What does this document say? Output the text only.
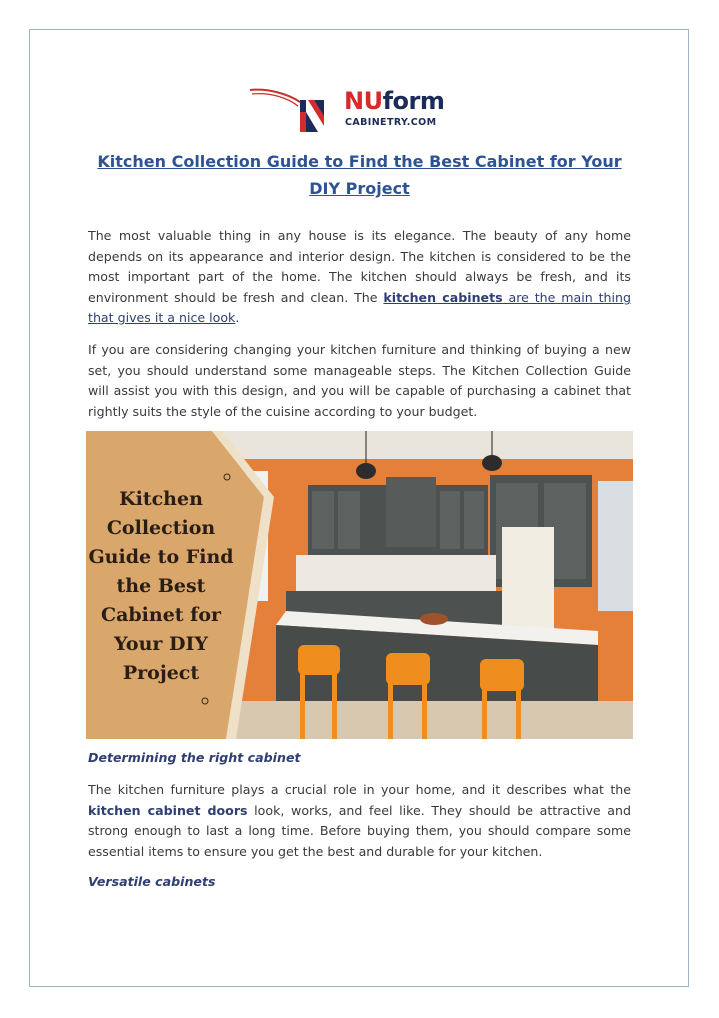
NUform
CABINETRY.COM
Kitchen Collection Guide to Find the Best Cabinet for Your DIY Project
The most valuable thing in any house is its elegance. The beauty of any home depends on its appearance and interior design. The kitchen is considered to be the most important part of the home. The kitchen should always be fresh, and its environment should be fresh and clean. The kitchen cabinets are the main thing that gives it a nice look.
If you are considering changing your kitchen furniture and thinking of buying a new set, you should understand some manageable steps. The Kitchen Collection Guide will assist you with this design, and you will be capable of purchasing a cabinet that rightly suits the style of the cuisine according to your budget.
Kitchen
Collection
Guide to Find
the Best
Cabinet for
Your DIY
Project
Determining the right cabinet
The kitchen furniture plays a crucial role in your home, and it describes what the kitchen cabinet doors look, works, and feel like. They should be attractive and strong enough to last a long time. Before buying them, you should compare some essential items to ensure you get the best and durable for your kitchen.
Versatile cabinets
